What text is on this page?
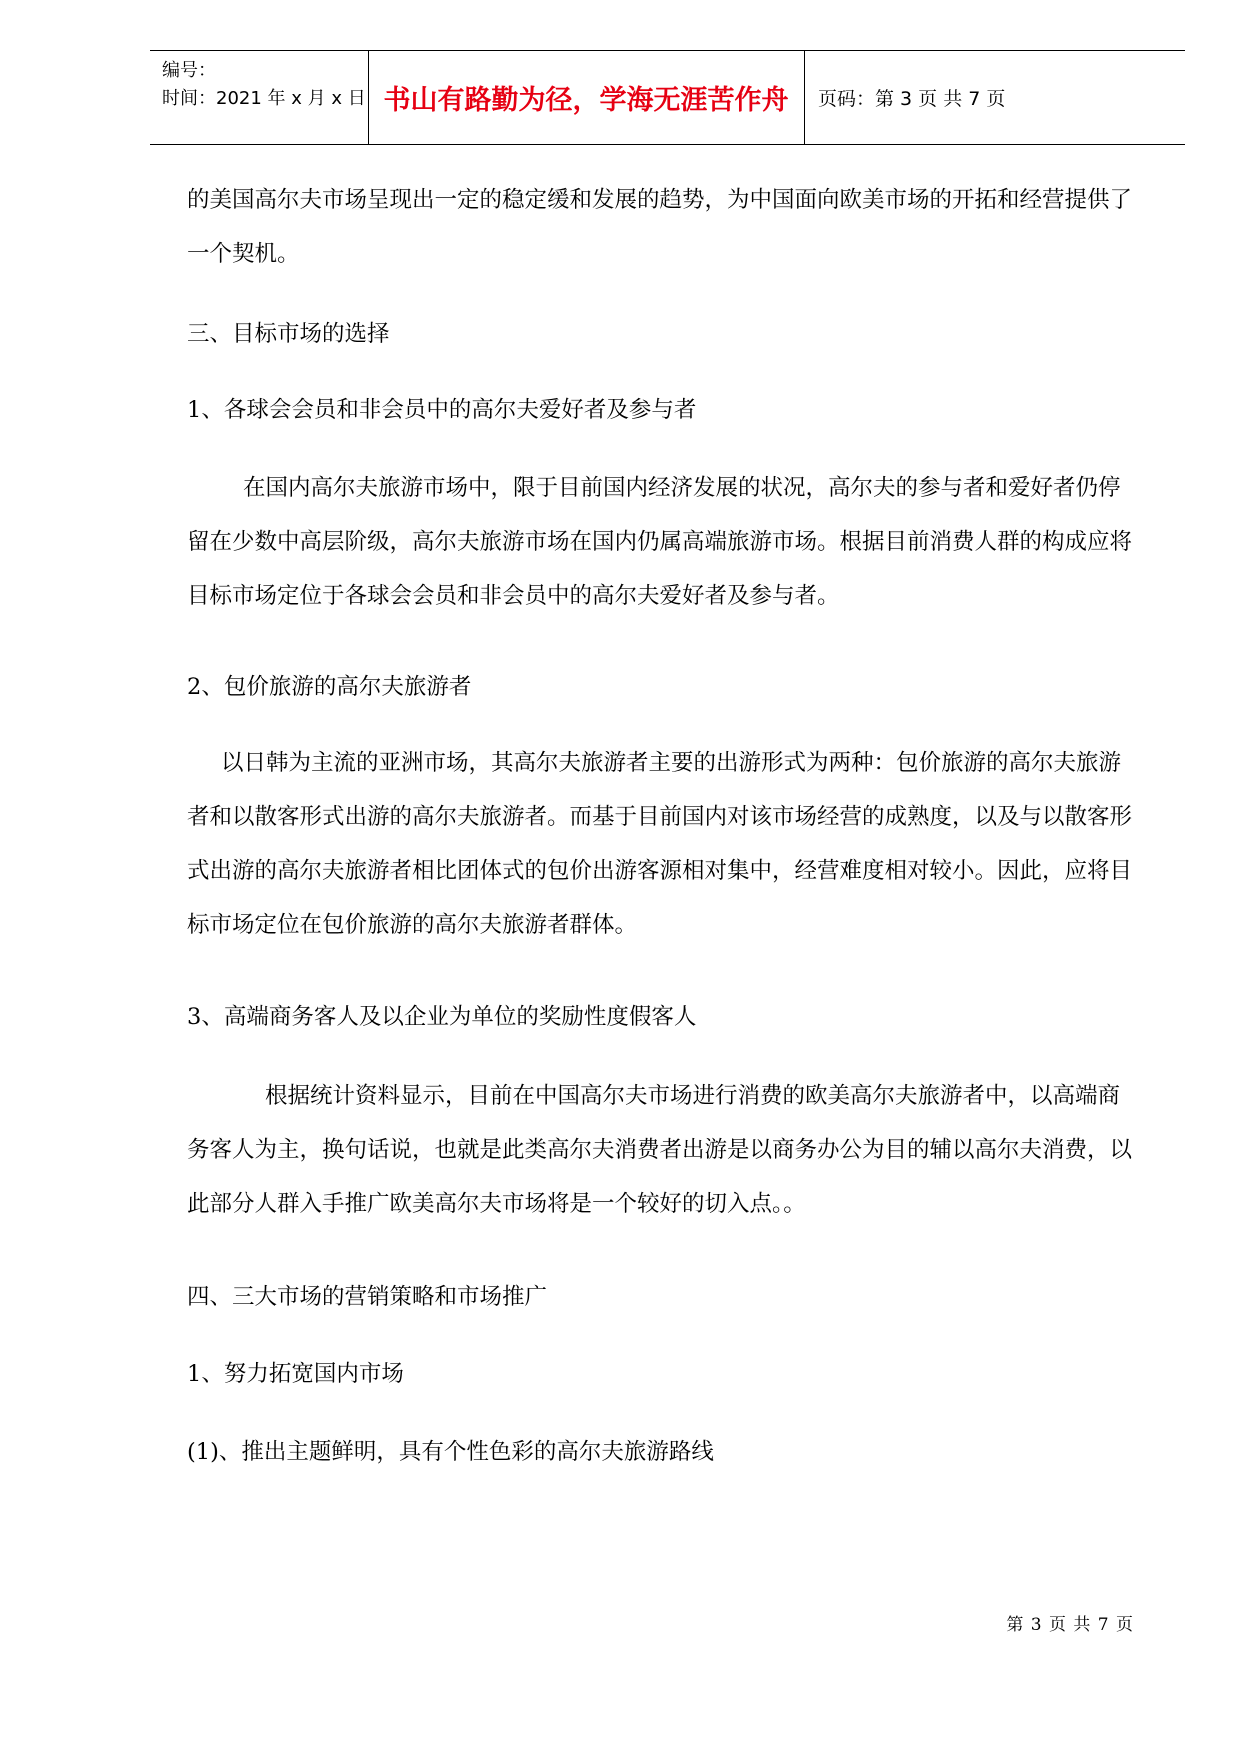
编号：
时间：2021 年 x 月 x 日 书山有路勤为径，学海无涯苦作舟	页码：第 3 页 共 7 页

的美国高尔夫市场呈现出一定的稳定缓和发展的趋势，为中国面向欧美市场的开拓和经营提供了一个契机。

三、目标市场的选择

1、各球会会员和非会员中的高尔夫爱好者及参与者

在国内高尔夫旅游市场中，限于目前国内经济发展的状况，高尔夫的参与者和爱好者仍停留在少数中高层阶级，高尔夫旅游市场在国内仍属高端旅游市场。根据目前消费人群的构成应将目标市场定位于各球会会员和非会员中的高尔夫爱好者及参与者。

2、包价旅游的高尔夫旅游者

以日韩为主流的亚洲市场，其高尔夫旅游者主要的出游形式为两种：包价旅游的高尔夫旅游者和以散客形式出游的高尔夫旅游者。而基于目前国内对该市场经营的成熟度，以及与以散客形式出游的高尔夫旅游者相比团体式的包价出游客源相对集中，经营难度相对较小。因此，应将目标市场定位在包价旅游的高尔夫旅游者群体。

3、高端商务客人及以企业为单位的奖励性度假客人

根据统计资料显示，目前在中国高尔夫市场进行消费的欧美高尔夫旅游者中，以高端商务客人为主，换句话说，也就是此类高尔夫消费者出游是以商务办公为目的辅以高尔夫消费，以此部分人群入手推广欧美高尔夫市场将是一个较好的切入点。。

四、三大市场的营销策略和市场推广

1、努力拓宽国内市场

(1)、推出主题鲜明，具有个性色彩的高尔夫旅游路线

第 3 页 共 7 页
